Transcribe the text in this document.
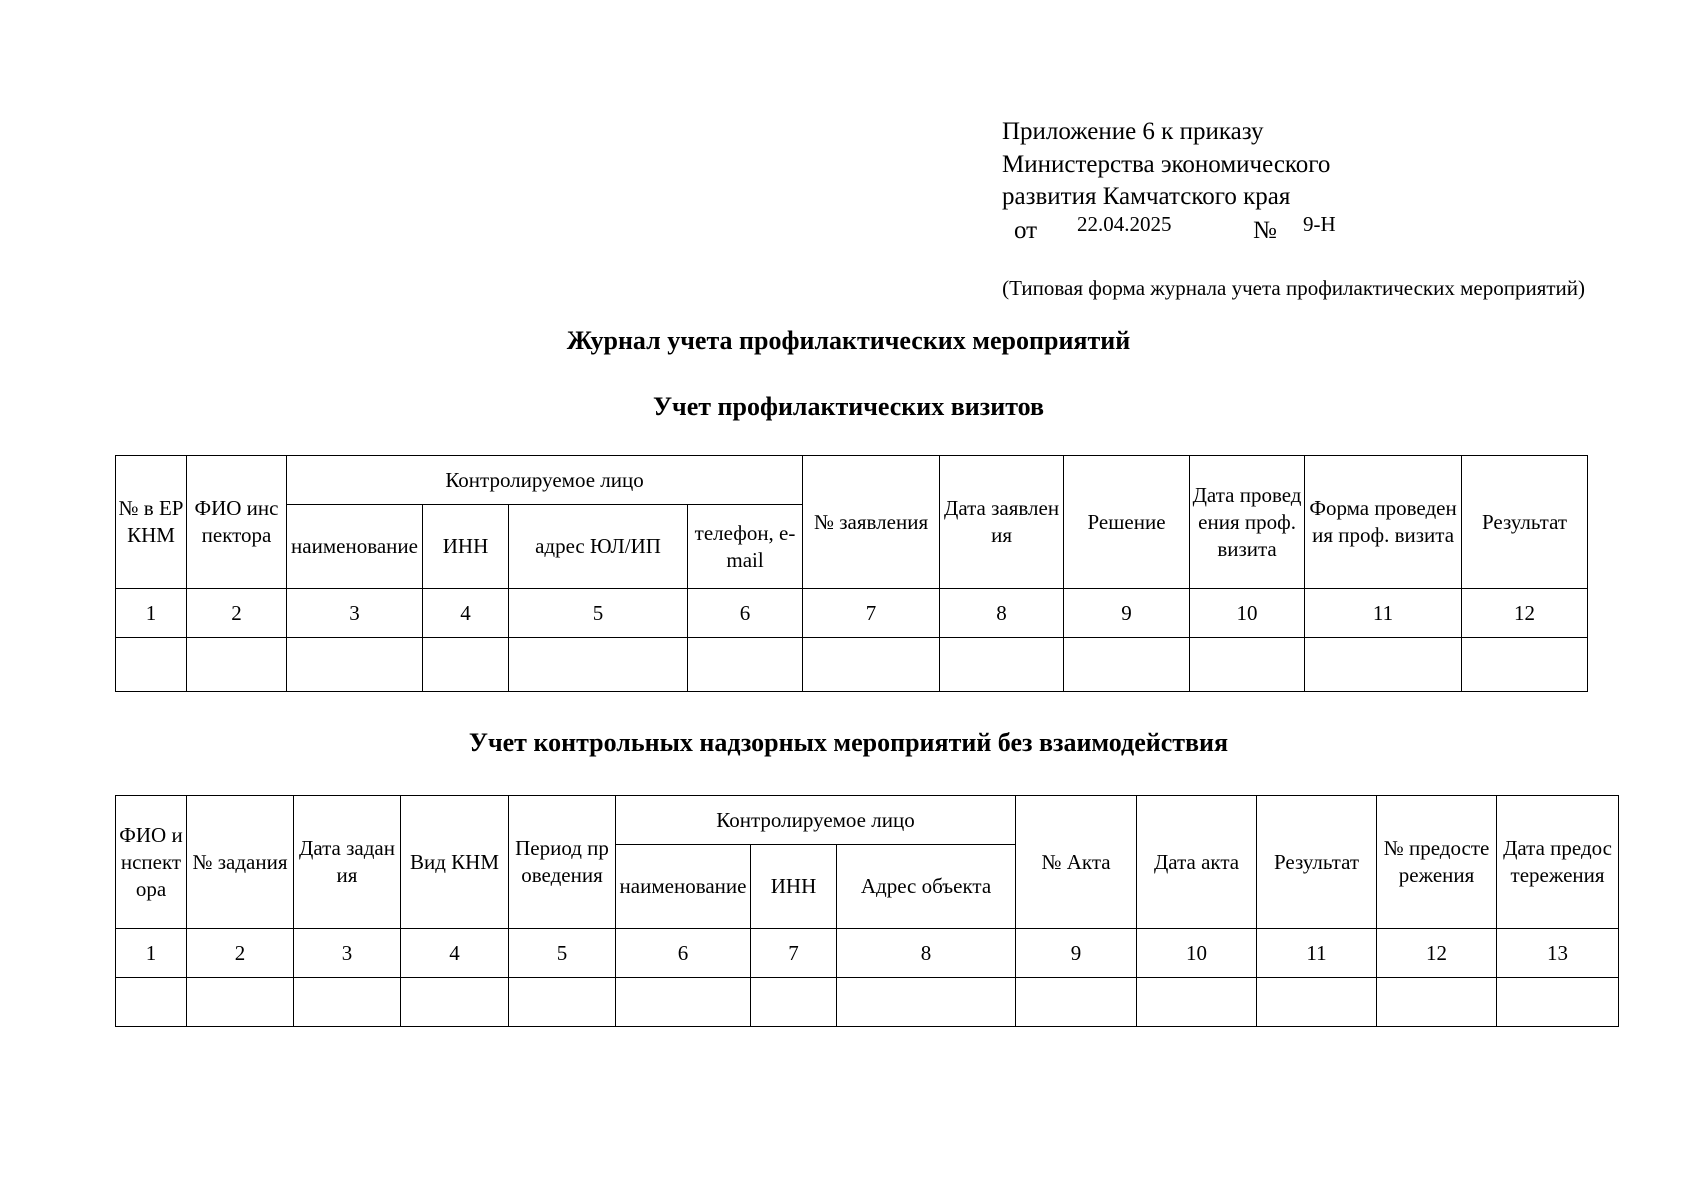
Приложение 6 к приказу
Министерства экономического
развития Камчатского края
от 22.04.2025	№ 9-Н
(Типовая форма журнала учета профилактических мероприятий)
Журнал учета профилактических мероприятий
Учет профилактических визитов
№ в ЕРКНМ	ФИО инспектора	Контролируемое лицо				№ заявления	Дата заявления	Решение	Дата проведения проф. визита	Форма проведения проф. визита	Результат
		наименование	ИНН	адрес ЮЛ/ИП	телефон, e-mail						
1	2	3	4	5	6	7	8	9	10	11	12

Учет контрольных надзорных мероприятий без взаимодействия
ФИО инспектора	№ задания	Дата задания	Вид КНМ	Период проведения	Контролируемое лицо			№ Акта	Дата акта	Результат	№ предостережения	Дата предостережения
					наименование	ИНН	Адрес объекта					
1	2	3	4	5	6	7	8	9	10	11	12	13
